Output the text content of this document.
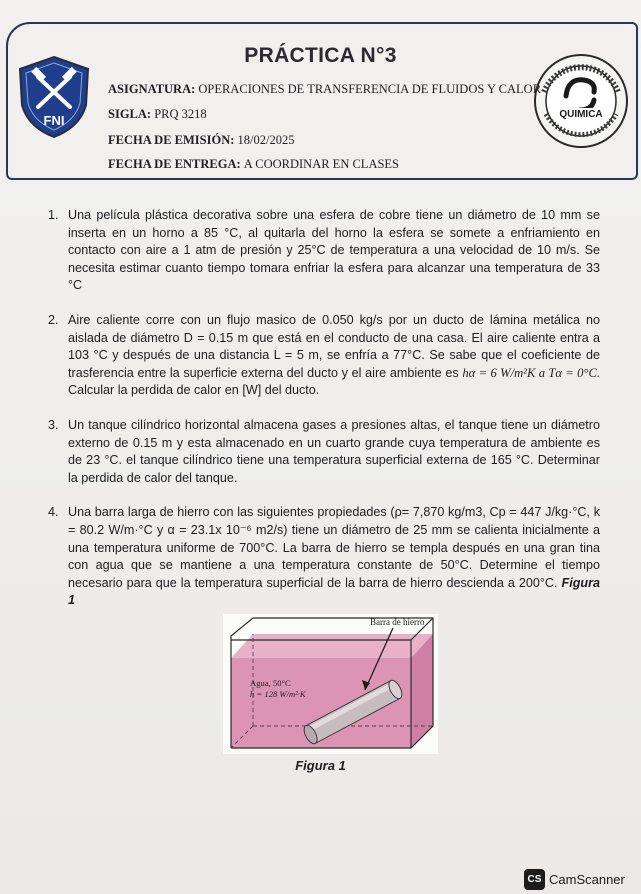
FNI	QUIMICA
PRÁCTICA N°3
ASIGNATURA: OPERACIONES DE TRANSFERENCIA DE FLUIDOS Y CALOR
SIGLA: PRQ 3218
FECHA DE EMISIÓN: 18/02/2025
FECHA DE ENTREGA: A COORDINAR EN CLASES
1. Una película plástica decorativa sobre una esfera de cobre tiene un diámetro de 10 mm se inserta en un horno a 85 °C, al quitarla del horno la esfera se somete a enfriamiento en contacto con aire a 1 atm de presión y 25°C de temperatura a una velocidad de 10 m/s. Se necesita estimar cuanto tiempo tomara enfriar la esfera para alcanzar una temperatura de 33 °C
2. Aire caliente corre con un flujo masico de 0.050 kg/s por un ducto de lámina metálica no aislada de diámetro D = 0.15 m que está en el conducto de una casa. El aire caliente entra a 103 °C y después de una distancia L = 5 m, se enfría a 77°C. Se sabe que el coeficiente de trasferencia entre la superficie externa del ducto y el aire ambiente es hα = 6 W/m²K a Tα = 0°C. Calcular la perdida de calor en [W] del ducto.
3. Un tanque cilíndrico horizontal almacena gases a presiones altas, el tanque tiene un diámetro externo de 0.15 m y esta almacenado en un cuarto grande cuya temperatura de ambiente es de 23 °C. el tanque cilíndrico tiene una temperatura superficial externa de 165 °C. Determinar la perdida de calor del tanque.
4. Una barra larga de hierro con las siguientes propiedades (ρ= 7,870 kg/m3, Cp = 447 J/kg·°C, k = 80.2 W/m·°C y α = 23.1x 10⁻⁶ m2/s) tiene un diámetro de 25 mm se calienta inicialmente a una temperatura uniforme de 700°C. La barra de hierro se templa después en una gran tina con agua que se mantiene a una temperatura constante de 50°C. Determine el tiempo necesario para que la temperatura superficial de la barra de hierro descienda a 200°C. Figura 1
Barra de hierro
Agua, 50°C
h = 128 W/m²·K
Figura 1
CS CamScanner
